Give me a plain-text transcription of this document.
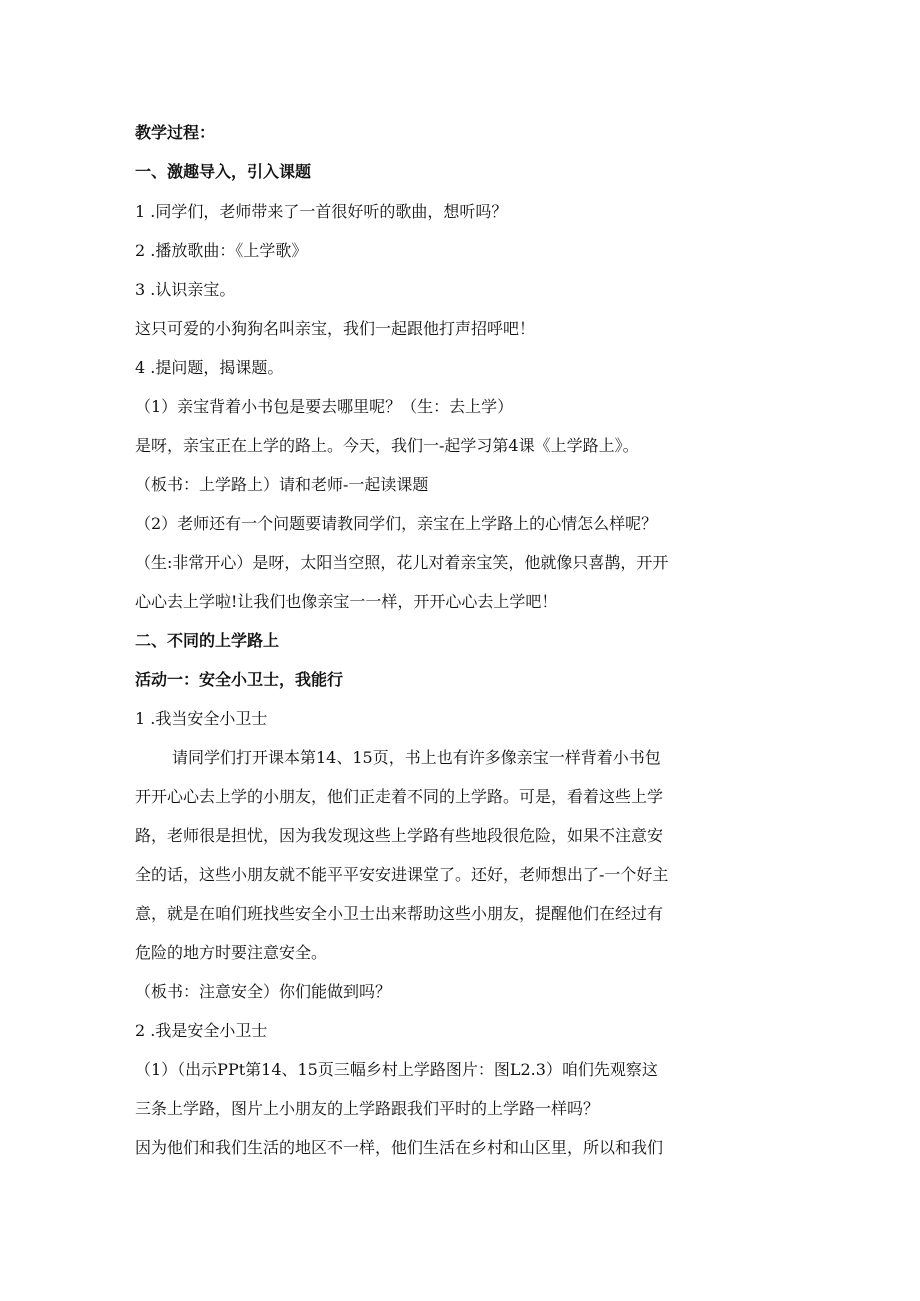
教学过程：
一、激趣导入，引入课题
1 .同学们，老师带来了一首很好听的歌曲，想听吗？
2 .播放歌曲：《上学歌》
3 .认识亲宝。
这只可爱的小狗狗名叫亲宝，我们一起跟他打声招呼吧！
4 .提问题，揭课题。
（1）亲宝背着小书包是要去哪里呢？（生：去上学）
是呀，亲宝正在上学的路上。今天，我们一-起学习第4课《上学路上》。
（板书：上学路上）请和老师-一起读课题
（2）老师还有一个问题要请教同学们，亲宝在上学路上的心情怎么样呢？
（生:非常开心）是呀，太阳当空照，花儿对着亲宝笑，他就像只喜鹊，开开
心心去上学啦!让我们也像亲宝一一样，开开心心去上学吧！
二、不同的上学路上
活动一：安全小卫士，我能行
1 .我当安全小卫士
请同学们打开课本第14、15页，书上也有许多像亲宝一样背着小书包
开开心心去上学的小朋友，他们正走着不同的上学路。可是，看着这些上学
路，老师很是担忧，因为我发现这些上学路有些地段很危险，如果不注意安
全的话，这些小朋友就不能平平安安进课堂了。还好，老师想出了-一个好主
意，就是在咱们班找些安全小卫士出来帮助这些小朋友，提醒他们在经过有
危险的地方时要注意安全。
（板书：注意安全）你们能做到吗？
2 .我是安全小卫士
（1）（出示PPt第14、15页三幅乡村上学路图片：图L2.3）咱们先观察这
三条上学路，图片上小朋友的上学路跟我们平时的上学路一样吗？
因为他们和我们生活的地区不一样，他们生活在乡村和山区里，所以和我们
